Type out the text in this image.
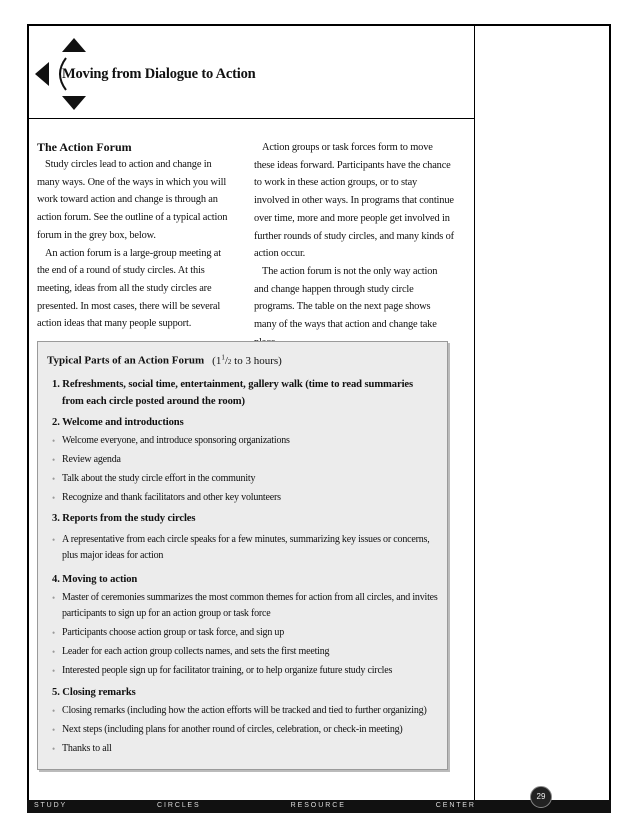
Moving from Dialogue to Action
The Action Forum

Study circles lead to action and change in many ways. One of the ways in which you will work toward action and change is through an action forum. See the outline of a typical action forum in the grey box, below.

An action forum is a large-group meeting at the end of a round of study circles. At this meeting, ideas from all the study circles are presented. In most cases, there will be several action ideas that many people support.

Action groups or task forces form to move these ideas forward. Participants have the chance to work in these action groups, or to stay involved in other ways. In programs that continue over time, more and more people get involved in further rounds of study circles, and many kinds of action occur.

The action forum is not the only way action and change happen through study circle programs. The table on the next page shows many of the ways that action and change take

Typical Parts of an Action Forum ($1^1/2$ to 3 hours)
1. Refreshments, social time, entertainment, gallery walk (time to read summaries
from each circle posted around the room)
2. Welcome and introductions
• Welcome everyone, and introduce sponsoring organizations
• Review agenda
• Talk about the study circle effort in the community
• Recognize and thank facilitators and other key volunteers
3. Reports from the study circles
• A representative from each circle speaks for a few minutes, summarizing key issues or concerns, plus major ideas for action
4. Moving to action
• Master of ceremonies summarizes the most common themes for action from all circles, and invites participants to sign up for an action group or task force
• Participants choose action group or task force, and sign up
• Leader for each action group collects names, and sets the first meeting
• Interested people sign up for facilitator training, or to help organize future study circles
5. Closing remarks
• Closing remarks (including how the action efforts will be tracked and tied to further organizing)
• Next steps (including plans for another round of circles, celebration, or check-in meeting)
• Thanks to all
S T U D Y	C I R C L E S	R E S O U R C E	C E N T E R
29
